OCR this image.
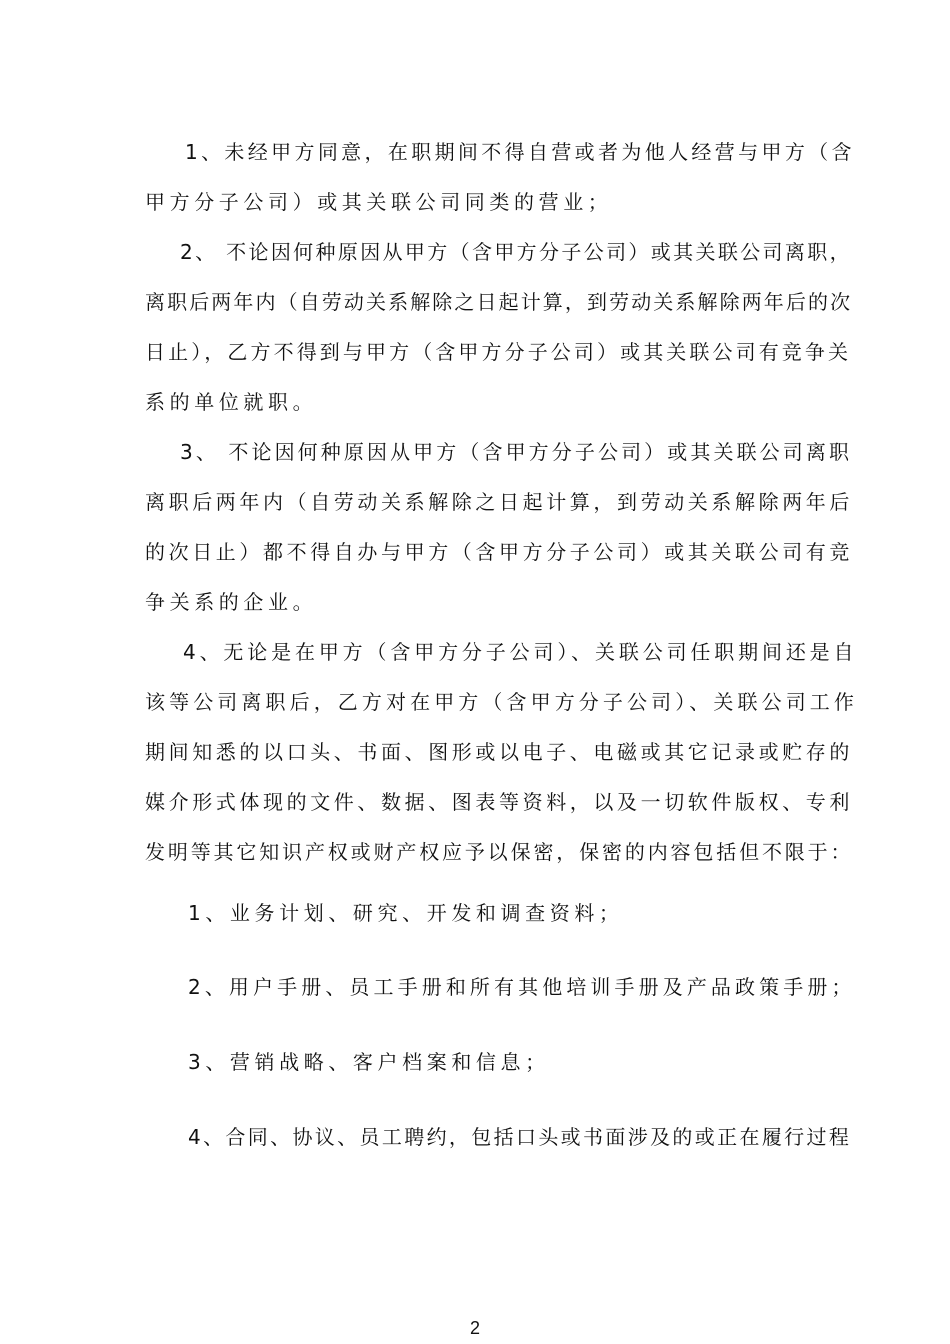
1、未经甲方同意，在职期间不得自营或者为他人经营与甲方（含
甲方分子公司）或其关联公司同类的营业；
2、 不论因何种原因从甲方（含甲方分子公司）或其关联公司离职，
离职后两年内（自劳动关系解除之日起计算，到劳动关系解除两年后的次
日止），乙方不得到与甲方（含甲方分子公司）或其关联公司有竞争关
系的单位就职。
3、 不论因何种原因从甲方（含甲方分子公司）或其关联公司离职
离职后两年内（自劳动关系解除之日起计算，到劳动关系解除两年后
的次日止）都不得自办与甲方（含甲方分子公司）或其关联公司有竞
争关系的企业。
4、无论是在甲方（含甲方分子公司）、关联公司任职期间还是自
该等公司离职后，乙方对在甲方（含甲方分子公司）、关联公司工作
期间知悉的以口头、书面、图形或以电子、电磁或其它记录或贮存的
媒介形式体现的文件、数据、图表等资料，以及一切软件版权、专利
发明等其它知识产权或财产权应予以保密，保密的内容包括但不限于：
1、业务计划、研究、开发和调查资料；
2、用户手册、员工手册和所有其他培训手册及产品政策手册；
3、营销战略、客户档案和信息；
4、合同、协议、员工聘约，包括口头或书面涉及的或正在履行过程
2
